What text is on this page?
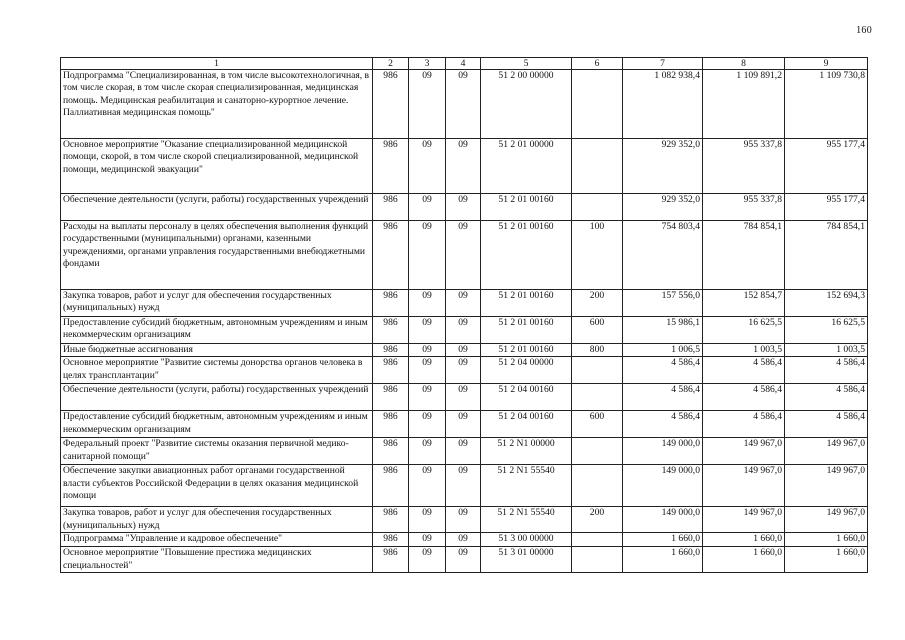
160
1	2	3	4	5	6	7	8	9
Подпрограмма "Специализированная, в том числе высокотехнологичная, в том числе скорая, в том числе скорая специализированная, медицинская помощь. Медицинская реабилитация и санаторно-курортное лечение. Паллиативная медицинская помощь"	986	09	09	51 2 00 00000		1 082 938,4	1 109 891,2	1 109 730,8
Основное мероприятие "Оказание специализированной медицинской помощи, скорой, в том числе скорой специализированной, медицинской помощи, медицинской эвакуации"	986	09	09	51 2 01 00000		929 352,0	955 337,8	955 177,4
Обеспечение деятельности (услуги, работы) государственных учреждений	986	09	09	51 2 01 00160		929 352,0	955 337,8	955 177,4
Расходы на выплаты персоналу в целях обеспечения выполнения функций государственными (муниципальными) органами, казенными учреждениями, органами управления государственными внебюджетными фондами	986	09	09	51 2 01 00160	100	754 803,4	784 854,1	784 854,1
Закупка товаров, работ и услуг для обеспечения государственных (муниципальных) нужд	986	09	09	51 2 01 00160	200	157 556,0	152 854,7	152 694,3
Предоставление субсидий бюджетным, автономным учреждениям и иным некоммерческим организациям	986	09	09	51 2 01 00160	600	15 986,1	16 625,5	16 625,5
Иные бюджетные ассигнования	986	09	09	51 2 01 00160	800	1 006,5	1 003,5	1 003,5
Основное мероприятие "Развитие системы донорства органов человека в целях трансплантации"	986	09	09	51 2 04 00000		4 586,4	4 586,4	4 586,4
Обеспечение деятельности (услуги, работы) государственных учреждений	986	09	09	51 2 04 00160		4 586,4	4 586,4	4 586,4
Предоставление субсидий бюджетным, автономным учреждениям и иным некоммерческим организациям	986	09	09	51 2 04 00160	600	4 586,4	4 586,4	4 586,4
Федеральный проект "Развитие системы оказания первичной медико-санитарной помощи"	986	09	09	51 2 N1 00000		149 000,0	149 967,0	149 967,0
Обеспечение закупки авиационных работ органами государственной власти субъектов Российской Федерации в целях оказания медицинской помощи	986	09	09	51 2 N1 55540		149 000,0	149 967,0	149 967,0
Закупка товаров, работ и услуг для обеспечения государственных (муниципальных) нужд	986	09	09	51 2 N1 55540	200	149 000,0	149 967,0	149 967,0
Подпрограмма "Управление и кадровое обеспечение"	986	09	09	51 3 00 00000		1 660,0	1 660,0	1 660,0
Основное мероприятие "Повышение престижа медицинских специальностей"	986	09	09	51 3 01 00000		1 660,0	1 660,0	1 660,0
